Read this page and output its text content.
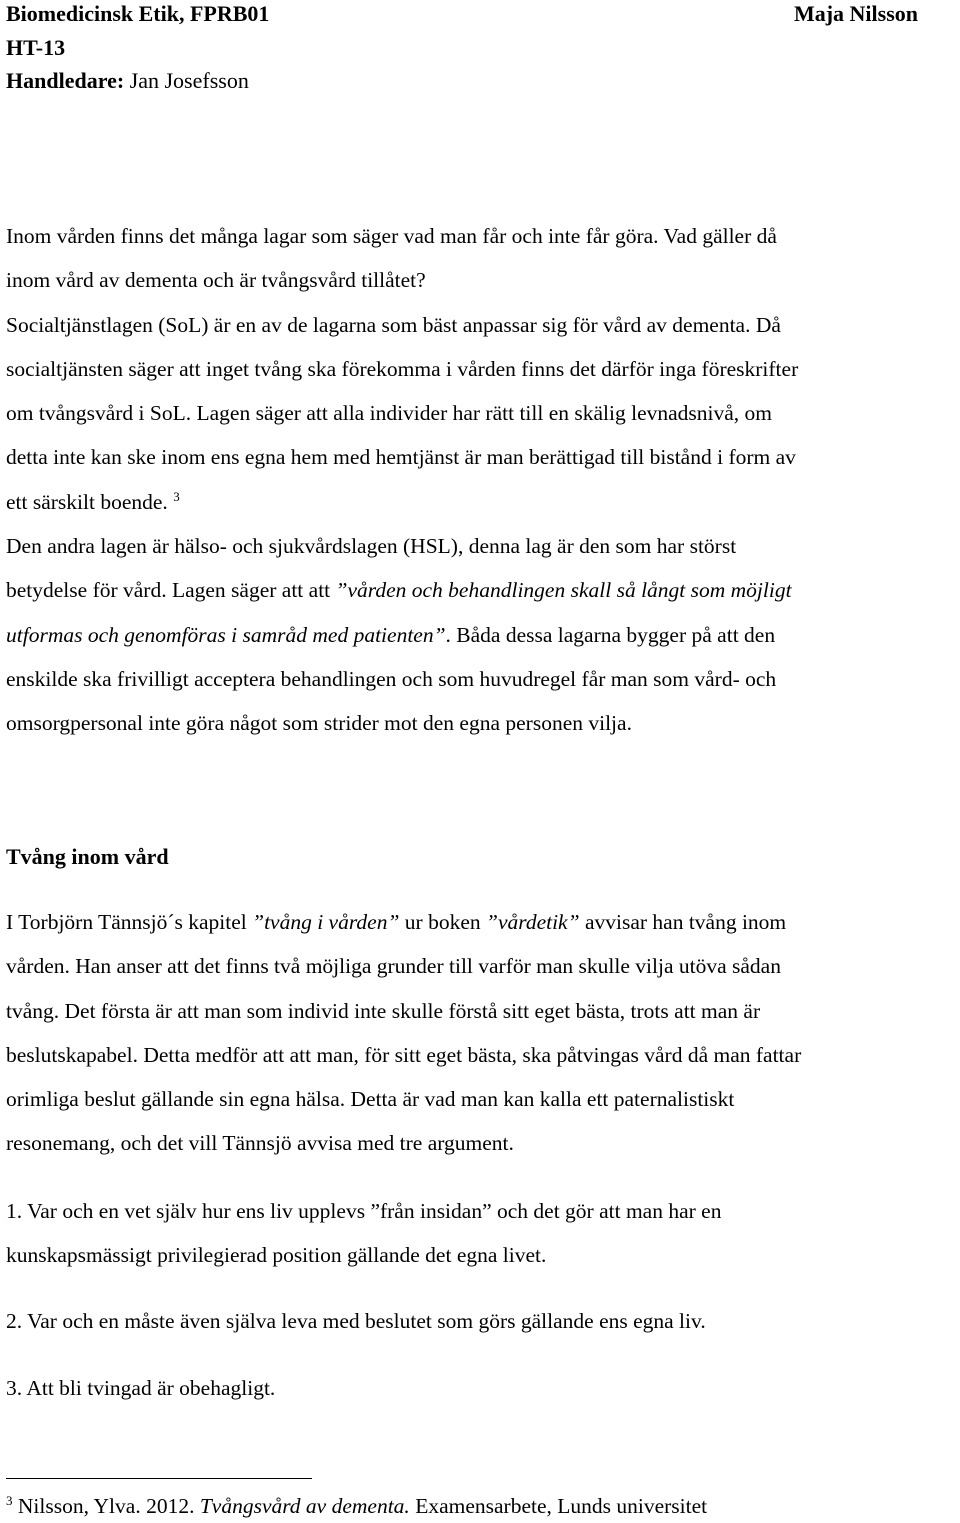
Biomedicinsk Etik, FPRB01	Maja Nilsson
HT-13
Handledare: Jan Josefsson
Inom vården finns det många lagar som säger vad man får och inte får göra. Vad gäller då
inom vård av dementa och är tvångsvård tillåtet?
Socialtjänstlagen (SoL) är en av de lagarna som bäst anpassar sig för vård av dementa. Då
socialtjänsten säger att inget tvång ska förekomma i vården finns det därför inga föreskrifter
om tvångsvård i SoL. Lagen säger att alla individer har rätt till en skälig levnadsnivå, om
detta inte kan ske inom ens egna hem med hemtjänst är man berättigad till bistånd i form av
ett särskilt boende. $^3$
Den andra lagen är hälso- och sjukvårdslagen (HSL), denna lag är den som har störst
betydelse för vård. Lagen säger att att ”vården och behandlingen skall så långt som möjligt
utformas och genomföras i samråd med patienten”. Båda dessa lagarna bygger på att den
enskilde ska frivilligt acceptera behandlingen och som huvudregel får man som vård- och
omsorgpersonal inte göra något som strider mot den egna personen vilja.
Tvång inom vård
I Torbjörn Tännsjö´s kapitel ”tvång i vården” ur boken ”vårdetik” avvisar han tvång inom
vården. Han anser att det finns två möjliga grunder till varför man skulle vilja utöva sådan
tvång. Det första är att man som individ inte skulle förstå sitt eget bästa, trots att man är
beslutskapabel. Detta medför att att man, för sitt eget bästa, ska påtvingas vård då man fattar
orimliga beslut gällande sin egna hälsa. Detta är vad man kan kalla ett paternalistiskt
resonemang, och det vill Tännsjö avvisa med tre argument.
1. Var och en vet själv hur ens liv upplevs ”från insidan” och det gör att man har en
kunskapsmässigt privilegierad position gällande det egna livet.
2. Var och en måste även själva leva med beslutet som görs gällande ens egna liv.
3. Att bli tvingad är obehagligt.
$^3$ Nilsson, Ylva. 2012. Tvångsvård av dementa. Examensarbete, Lunds universitet
